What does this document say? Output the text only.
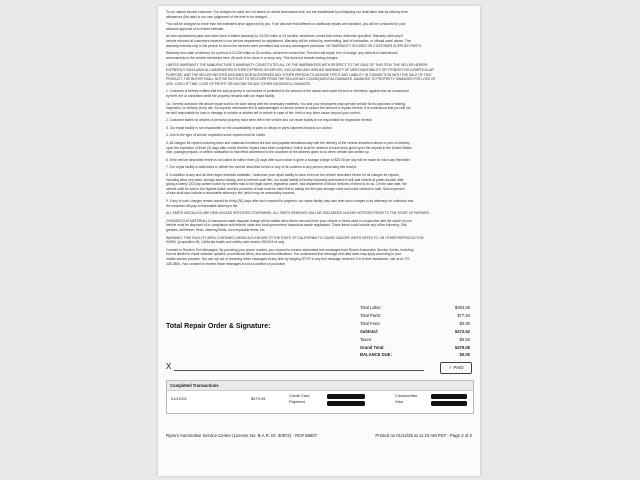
To our valued service customer: Our charges for labor are not based on actual technicians time, but are established by multiplying our retail labor rate by industry time
allowances (flat-rate) or our own judgement of the time to be charged.
*You will be charged no more than the estimated price approved by you. If we discover that different or additional repairs are indicated, you will be contacted for your
advance approval of a revised estimate.
All new replacement parts and labor have a limited warranty for 24,000 miles or 24 months, whichever comes first unless otherwise specified. Warranty valid only if
vehicle returned at customers expense to our service department for adjustment. Warranty will be voided by overheating, lack of lubrication, or offroad uses/ abuse. This
warranty extends only to the person to whom the services were permitted and not any subsequent purchaser. NO WARRANTY ON USED OR CUSTOMER SUPPLIED PARTS.
Warranty from date of delivery for a period of 24,000 miles or 24 months, whichever comes first. This item will repair, free of charge, any defects in material and
workmanship to the vehicle mentioned here. All work to be done in or shop only. This does not include towing charges.
LIMITED WARRANTY THE MANUFACTURE'S WARRANTY CONSTITUTES ALL OF THE WARRANTIES WITH RESPECT TO THE SALE OF THIS ITEM. THE SELLER HEREBY
EXPRESSLY DISCLAIMS ALL WARRANTIES EITHER EXPRESS OR IMPLIED, INCLUDING ANY IMPLIED WARRANTY OF MERCHANTABILITY OR FITNESS FOR A PARTICULAR
PURPOSE, AND THE SELLER NEITHER ASSUMES NOR AUTHORIZES ANY OTHER PERSON TO ASSUME FOR IT ANY LIABILITY IN CONNECTION WITH THE SALE OF THIS
PRODUCT. THE BUYER SHALL NOT BE ENTITLED TO RECOVER FROM THE SELLER ANY CONSEQUENTIAL DAMAGES, DAMAGES TO PROPERTY, DAMAGES FOR LOSS OF
USE, LOSS OF TIME, LOSS OF PROFIT OR INCOME OR ANY OTHER INCIDENTAL DAMAGES.
1. Customer is hereby notified that the said property is not insured or protected to the amount of the actual cash value thereof or otherwise, against loss as occasioned
by theft, fire or vandalism while the property remains with our repair facility.
1a. I hereby authorize the above repair work to be done along with the necessary materials. You and your employees may operate vehicle for its purposes of testing,
inspection, or delivery at my risk. An express mechanics lien is acknowledged on above vehicle to secure the amount of repairs thereto. It is understood that you will not
be held responsible for loss or damage to vehicle or articles left in vehicle in case of fire, theft or any other cause beyond your control.
2. Customer states no articles of personal property have been left in the vehicle and our repair facility is not responsible for inspection thereof.
3. Our repair facility is not responsible for the unavailability of parts or delays in parts shipment beyond our control.
4. Due to the type of service requested some repairs must be sublet.
5. All charges for repairs including labor and materials furnished are due and payable simultaneously with the delivery of the vehicle described above or prior to delivery
upon the expiration of three (3) days after notice that the repairs have been completed. Notice shall be deemed to have been given upon the deposit in the United States
mail, postage prepaid, of written notification to that effect addressed to the customer at the address given to us when vehicle was written up.
6. If the vehicle described herein is not called for within three (3) days after such notice is given a storage charge of $25.00 per day will be made for each day thereafter.
7. Our repair facility is authorized to deliver the vehicle described herein or any of its contents to any person presenting this receipt.
8. In addition to any and all other legal remedies available, I authorize your repair facility to have a lien on the vehicle described herein for all charges for repairs,
including labor and parts, storage and/or towing, and to enforce such lien, our repair facility is hereby expressly authorized to sell said vehicle at public auction after
giving a twenty (20) day written notice by certified mail to the legal owner, registered owner, and department of Motor Vehicles of intent to do so. On the sale date, the
vehicle shall be sold to the highest bidder and the proceeds of sale must be used first to satisfy the lien plus storage costs and costs incident to sale. Said expenses
of sale shall also include a reasonable attorney's fee, which may be reasonably incurred.
9. If any of such charges remain unpaid for thirty (30) days after such request for payment, our repair facility may also refer such charges to its attorneys for collection and
the customer will pay a reasonable attorney's fee.
ALL PARTS INSTALLED ARE NEW UNLESS SPECIFIED OTHERWISE. ALL PARTS REMOVED WILL BE DISCARDED UNLESS NOTIFIED PRIOR TO THE START OF REPAIRS.
(*HAZARDOUS MATERIAL) A hazardous waste disposal charge will be added when items removed from your vehicle or items used in conjunction with the repair of your
vehicle must be disposed of in compliance with federal, state and local government hazardous waste regulations. These items could include any of the following: Oils,
greases, antifreeze, freon, cleaning fluids, non-recyclable items, etc.
WARNING: THIS FACILITY AREA CONTAINS CHEMICALS KNOWN TO THE STATE OF CALIFORNIA TO CAUSE CANCER, BIRTH DEFECTS, OR OTHER REPRODUCTIVE
HARM. (proposition 65, California health and safety code section 25249.5 et seq)
Consent to Receive Text Messages: By providing your phone number, you consent to receive automated text messages from Ryan's Automotive Service Center, including
but not limited to repair estimate updates, promotional offers, and account notifications. You understand that message and data rates may apply according to your
mobile service provider. You can opt out of receiving these messages at any time by replying STOP to any text message received. For further assistance, call us at 707-
425-2860. Your consent to receive these messages is not a condition of purchase.
Total Repair Order & Signature:
Total Labor:	$394.58
Total Parts:	$77.94
Total Fees:	$0.00
Subtotal:	$472.52
Taxes:	$6.53
Grand Total:	$479.05
BALANCE DUE:	$0.00
X	✓ PAID
Completed Transactions
01/12/26	$479.05
Credit Card
Payment
Coolaxchfee
Visa
Ryan's Automotive Service Center (License No: B.A.R. ID: 30972) - RO# 58607	Printed on 01/12/26 at 11:23 AM PST - Page 2 of 2
